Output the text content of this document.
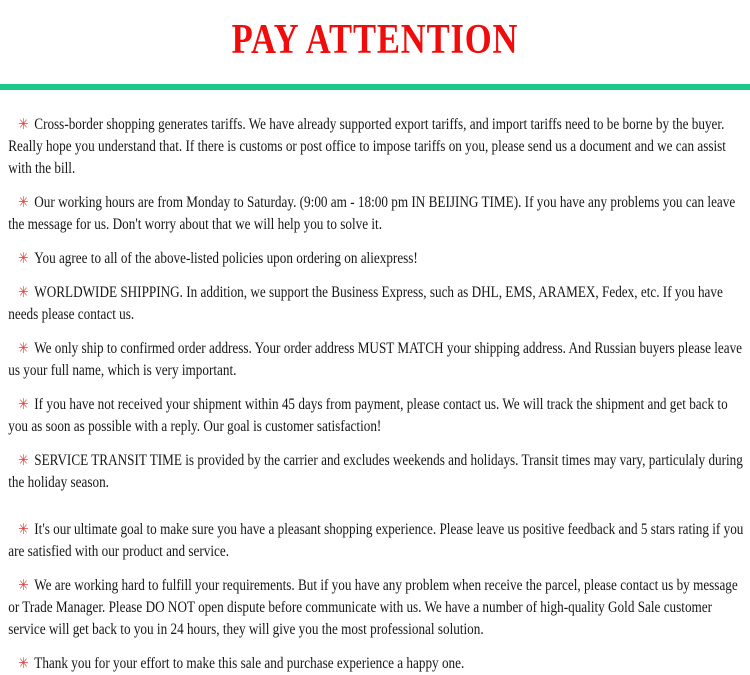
PAY ATTENTION

✳ Cross-border shopping generates tariffs. We have already supported export tariffs, and import tariffs need to be borne by the buyer. Really hope you understand that. If there is customs or post office to impose tariffs on you, please send us a document and we can assist with the bill.

✳ Our working hours are from Monday to Saturday. (9:00 am - 18:00 pm IN BEIJING TIME). If you have any problems you can leave the message for us. Don't worry about that we will help you to solve it.

✳ You agree to all of the above-listed policies upon ordering on aliexpress!

✳ WORLDWIDE SHIPPING. In addition, we support the Business Express, such as DHL, EMS, ARAMEX, Fedex, etc. If you have needs please contact us.

✳ We only ship to confirmed order address. Your order address MUST MATCH your shipping address. And Russian buyers please leave us your full name, which is very important.

✳ If you have not received your shipment within 45 days from payment, please contact us. We will track the shipment and get back to you as soon as possible with a reply. Our goal is customer satisfaction!

✳ SERVICE TRANSIT TIME is provided by the carrier and excludes weekends and holidays. Transit times may vary, particulaly during the holiday season.

✳ It's our ultimate goal to make sure you have a pleasant shopping experience. Please leave us positive feedback and 5 stars rating if you are satisfied with our product and service.

✳ We are working hard to fulfill your requirements. But if you have any problem when receive the parcel, please contact us by message or Trade Manager. Please DO NOT open dispute before communicate with us. We have a number of high-quality Gold Sale customer service will get back to you in 24 hours, they will give you the most professional solution.

✳ Thank you for your effort to make this sale and purchase experience a happy one.
